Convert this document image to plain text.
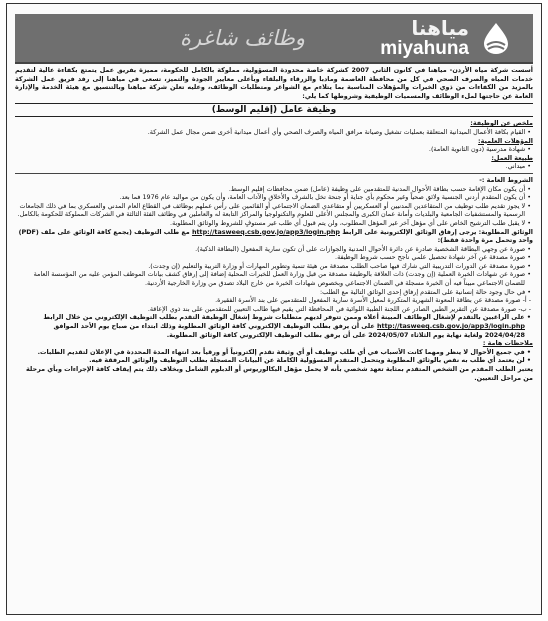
وظائف شاغرة	مياهنا
miyahuna

أسست شركة مياه الأردن- مياهنا في كانون الثاني 2007 كشركة خاصة محدودة المسؤولية، مملوكة بالكامل للحكومة، مميزة بفريق عمل يتمتع بكفاءة عالية لتقديم خدمات المياه والصرف الصحي في كل من محافظة العاصمة ومادبا والزرقاء والبلقاء وبأعلى معايير الجودة والتميز، تسعى في مياهنا إلى رفد فريق عمل الشركة بالمزيد من الكفاءات من ذوي الخبرات والمؤهلات المناسبة بما يتلاءم مع الشواغر ومتطلبات الوظائف، وعليه تعلن شركة مياهنا وبالتنسيق مع هيئة الخدمة والإدارة العامة عن حاجتها لملء الوظائف والمسميات الوظيفية وشروطها كما يلي:

وظيفة عامل (إقليم الوسط)

ملخص عن الوظيفة:

• القيام بكافة الأعمال الميدانية المتعلقة بعمليات تشغيل وصيانة مرافق المياه والصرف الصحي وأي أعمال ميدانية أخرى ضمن مجال عمل الشركة.

المؤهلات العلمية:

• شهادة مدرسية (دون الثانوية العامة).

طبيعة العمل:

• ميداني.

الشروط العامة :-

• أن يكون مكان الإقامة حسب بطاقة الأحوال المدنية للمتقدمين على وظيفة (عامل) ضمن محافظات إقليم الوسط.

• أن يكون المتقدم أردني الجنسية ولائق صحياً وغير محكوم بأي جناية أو جنحة تخل بالشرف والأخلاق والآداب العامة، وأن يكون من مواليد عام 1976 فما بعد.

• لا يجوز تقديم طلب توظيف من المتقاعدين المدنيين أو العسكريين أو متقاعدي الضمان الاجتماعي أو القائمين على رأس عملهم بوظائف في القطاع العام المدني والعسكري بما في ذلك الجامعات الرسمية والمستشفيات الجامعية والبلديات وأمانة عمان الكبرى والمجلس الأعلى للعلوم والتكنولوجيا والمراكز التابعة له والعاملين في وظائف الفئة الثالثة في الشركات المملوكة للحكومة بالكامل.

• لا يقبل طلب الترشيح الخاص على أي مؤهل آخر غير المؤهل المطلوب، ولن يتم قبول أي طلب غير مستوفٍ للشروط والوثائق المطلوبة.

الوثائق المطلوبة: يرجى إرفاق الوثائق الإلكترونية على الرابط http://tasweeq.csb.gov.jo/app3/login.php مع طلب التوظيف (يجمع كافة الوثائق على ملف (PDF) واحد وتحمل مرة واحدة فقط):

• صورة عن وجهي البطاقة الشخصية صادرة عن دائرة الأحوال المدنية والجوازات على أن تكون سارية المفعول (البطاقة الذكية).

• صورة مصدقة عن آخر شهادة تحصيل علمي ناجح حسب شروط الوظيفة.

• صورة مصدقة عن الدورات التدريبية التي شارك فيها صاحب الطلب مصدقة من هيئة تنمية وتطوير المهارات أو وزارة التربية والتعليم (إن وجدت).

• صورة عن شهادات الخبرة العملية (إن وجدت) ذات العلاقة بالوظيفة مصدقة من قبل وزارة العمل للخبرات المحلية إضافة إلى إرفاق كشف بيانات الموظف المؤمن عليه من المؤسسة العامة للضمان الاجتماعي مبيناً فيه أن الخبرة مسجلة في الضمان الاجتماعي وبخصوص شهادات الخبرة من خارج البلاد تصدق من وزارة الخارجية الأردنية.

• في حال وجود حالة إنسانية على المتقدم إرفاق إحدى الوثائق التالية مع الطلب:

- أ- صورة مصدقة عن بطاقة المعونة الشهرية المتكررة لمعيل الأسرة سارية المفعول للمتقدمين على بند الأسرة الفقيرة.

- ب- صورة مصدقة عن التقرير الطبي الصادر عن اللجنة الطبية اللوائية في المحافظة التي يقيم فيها طالب التعيين للمتقدمين على بند ذوي الإعاقة.

• على الراغبين بالتقدم لإشغال الوظائف المبينة أعلاه وممن تتوفر لديهم متطلبات شروط إشغال الوظيفة التقدم بطلب التوظيف الإلكتروني من خلال الرابط http://tasweeq.csb.gov.jo/app3/login.php على أن يرفق بطلب التوظيف الإلكتروني كافة الوثائق المطلوبة وذلك ابتداء من صباح يوم الأحد الموافق 2024/04/28 ولغاية نهاية يوم الثلاثاء 2024/05/07 على أن يرفق بطلب التوظيف الإلكتروني كافة الوثائق المطلوبة.

ملاحظات هامة :

• في جميع الأحوال لا ينظر ومهما كانت الأسباب في أي طلب توظيف أو أي وثيقة تقدم إلكترونياً أو ورقياً بعد انتهاء المدة المحددة في الإعلان لتقديم الطلبات.

• لن يعتمد أي طلب به نقص بالوثائق المطلوبة ويتحمل المتقدم المسؤولية الكاملة عن البيانات المسجلة بطلب التوظيف والوثائق المرفقة فيه.

يعتبر الطلب المقدم من الشخص المتقدم بمثابة تعهد شخصي بأنه لا يحمل مؤهل البكالوريوس أو الدبلوم الشامل وبخلاف ذلك يتم إيقاف كافة الإجراءات وبأي مرحلة من مراحل التعيين.
